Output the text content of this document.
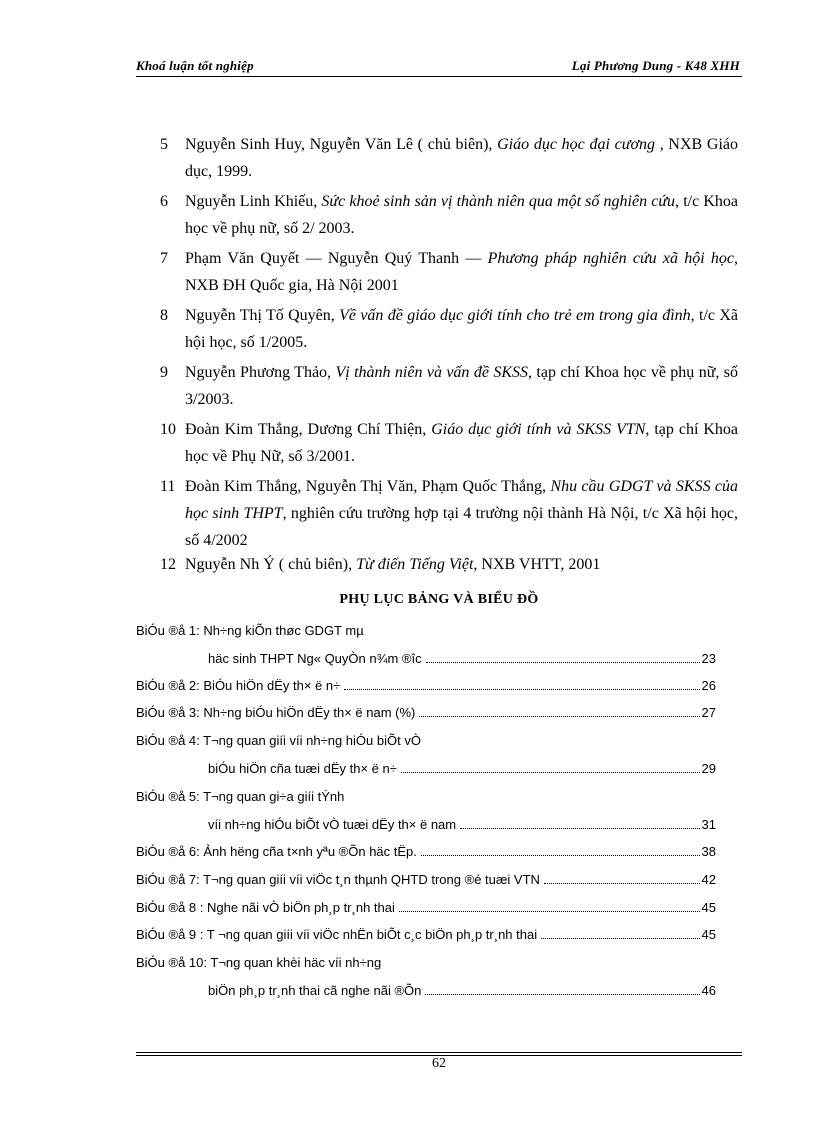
Khoá luận tốt nghiệp	Lại Phương Dung - K48 XHH
5 Nguyễn Sinh Huy, Nguyễn Văn Lê ( chủ biên), Giáo dục học đại cương , NXB Giáo dục, 1999.
6 Nguyễn Linh Khiếu, Sức khoẻ sinh sản vị thành niên qua một số nghiên cứu, t/c Khoa học về phụ nữ, số 2/ 2003.
7 Phạm Văn Quyết — Nguyễn Quý Thanh — Phương pháp nghiên cứu xã hội học, NXB ĐH Quốc gia, Hà Nội 2001
8 Nguyễn Thị Tố Quyên, Về vấn đề giáo dục giới tính cho trẻ em trong gia đình, t/c Xã hội học, số 1/2005.
9 Nguyễn Phương Thảo, Vị thành niên và vấn đề SKSS, tạp chí Khoa học về phụ nữ, số 3/2003.
10 Đoàn Kim Thắng, Dương Chí Thiện, Giáo dục giới tính và SKSS VTN, tạp chí Khoa học về Phụ Nữ, số 3/2001.
11 Đoàn Kim Thắng, Nguyễn Thị Văn, Phạm Quốc Thắng, Nhu cầu GDGT và SKSS của học sinh THPT, nghiên cứu trường hợp tại 4 trường nội thành Hà Nội, t/c Xã hội học, số 4/2002
12 Nguyễn Nh Ý ( chủ biên), Từ điển Tiếng Việt, NXB VHTT, 2001
PHỤ LỤC BẢNG VÀ BIỂU ĐỒ
BiÓu ®å 1: Nh÷ng kiÕn thøc GDGT mµ
häc sinh THPT Ng« QuyÒn n¾m ®îc	23
BiÓu ®å 2: BiÓu hiÖn dËy th× ë n÷	26
BiÓu ®å 3: Nh÷ng biÓu hiÖn dËy th× ë nam (%)	27
BiÓu ®å 4: T¬ng quan giíi víi nh÷ng hiÓu biÕt vÒ
biÓu hiÖn cña tuæi dËy th× ë n÷	29
BiÓu ®å 5: T¬ng quan gi÷a giíi tÝnh
víi nh÷ng hiÓu biÕt vÒ tuæi dËy th× ë nam	31
BiÓu ®å 6: Ảnh hëng cña t×nh yªu ®Õn häc tËp.	38
BiÓu ®å 7: T¬ng quan giíi víi viÖc t¸n thµnh QHTD trong ®é tuæi VTN	42
BiÓu ®å 8 : Nghe nãi vÒ biÖn ph¸p tr¸nh thai	45
BiÓu ®å 9 : T ¬ng quan giíi víi viÖc nhËn biÕt c¸c biÖn ph¸p tr¸nh thai	45
BiÓu ®å 10: T¬ng quan khèi häc víi nh÷ng
biÖn ph¸p tr¸nh thai cã nghe nãi ®Õn	46
62
